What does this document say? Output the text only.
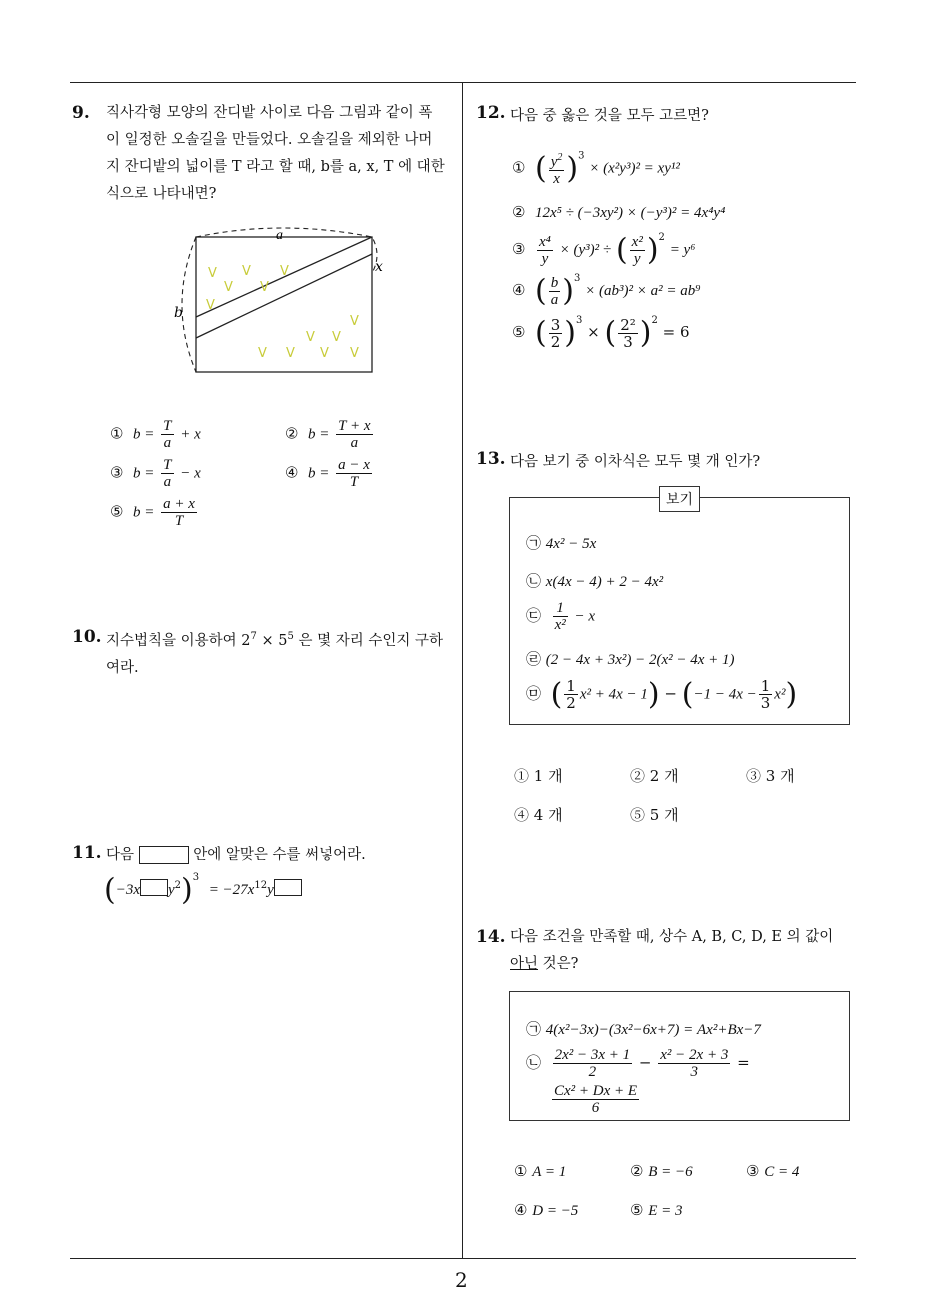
9. 직사각형 모양의 잔디밭 사이로 다음 그림과 같이 폭
이 일정한 오솔길을 만들었다. 오솔길을 제외한 나머
지 잔디밭의 넓이를 T 라고 할 때, b를 a, x, T 에 대한
식으로 나타내면?
a
b
x
V V V
V V
V
V
V V
V V V V
① $b = \frac{T}{a} + x$	② $b = \frac{T + x}{a}$
③ $b = \frac{T}{a} - x$	④ $b = \frac{a - x}{T}$
⑤ $b = \frac{a + x}{T}$
10. 지수법칙을 이용하여 $2^7 \times 5^5$ 은 몇 자리 수인지 구하
여라.
11. 다음	안에 알맞은 수를 써넣어라.
(−3x $y^2)^3 = -27x^{12}y$
12. 다음 중 옳은 것을 모두 고르면?
① ( $\frac{y^2}{x} )^3 \times (x^2y^3)^2 = xy^{12}$
② 12x⁵ ÷ (−3xy²) × (−y³)² = 4x⁴y⁴
③ $\frac{\text{x⁴}}{y} \times (y^3)^2$ ÷ ( $\frac{\text{x²}}{y} )^2 = y^6$
④ ( $\frac{b}{a} )^3 \times (ab^3)^2 \times a^2 = ab^9$
⑤ ( $\frac{3}{2} )^3$ × ( $\frac{\text{2²}}{3} )^2 = 6$
13. 다음 보기 중 이차식은 모두 몇 개 인가?
보기
㉠ 4x² − 5x
㉡ x(4x − 4) + 2 − 4x²
㉢ $\frac{1}{\text{x²}} - x$
㉣ (2 − 4x + 3x²) − 2(x² − 4x + 1)
㉤ ( $\frac{1}{2} x^2 + 4x - 1) - (-1 - 4x - \frac{1}{3} x^2)$
① 1 개	② 2 개	③ 3 개
④ 4 개	⑤ 5 개
14. 다음 조건을 만족할 때, 상수 A, B, C, D, E 의 값이
아닌 것은?
㉠ 4(x²−3x)−(3x²−6x+7) = Ax²+Bx−7
㉡ $\frac{\text{2x² − 3x + 1}}{2} - \frac{\text{x² − 2x + 3}}{3}$ =
$\frac{\text{Cx² + Dx + E}}{6}$
① A = 1	② B = −6	③ C = 4
④ D = −5	⑤ E = 3
2
